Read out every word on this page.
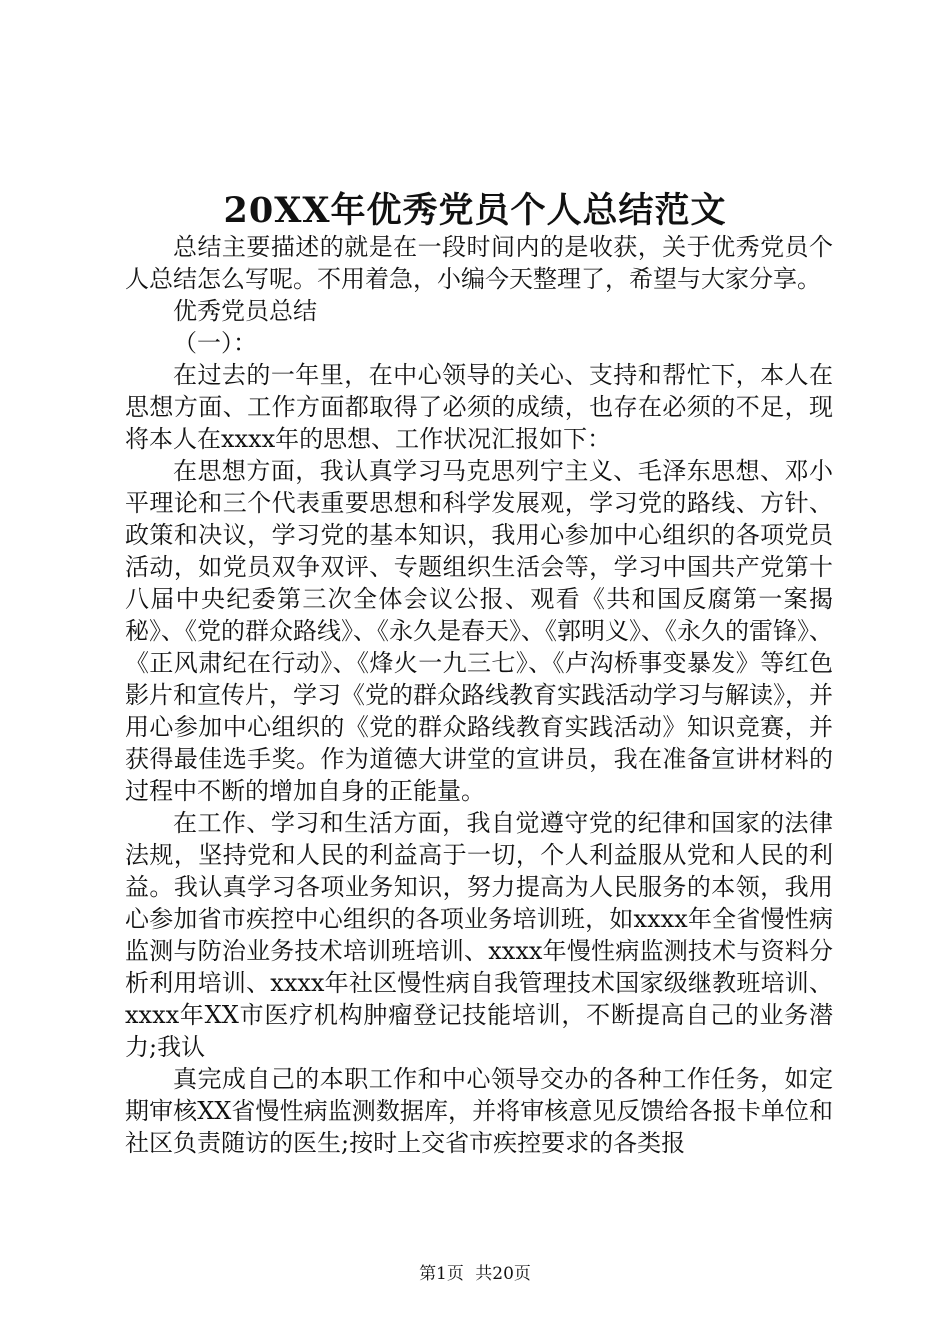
20XX年优秀党员个人总结范文

总结主要描述的就是在一段时间内的是收获，关于优秀党员个人总结怎么写呢。不用着急，小编今天整理了，希望与大家分享。

优秀党员总结

（一）：

在过去的一年里，在中心领导的关心、支持和帮忙下，本人在思想方面、工作方面都取得了必须的成绩，也存在必须的不足，现将本人在xxxx年的思想、工作状况汇报如下：

在思想方面，我认真学习马克思列宁主义、毛泽东思想、邓小平理论和三个代表重要思想和科学发展观，学习党的路线、方针、政策和决议，学习党的基本知识，我用心参加中心组织的各项党员活动，如党员双争双评、专题组织生活会等，学习中国共产党第十八届中央纪委第三次全体会议公报、观看《共和国反腐第一案揭秘》、《党的群众路线》、《永久是春天》、《郭明义》、《永久的雷锋》、《正风肃纪在行动》、《烽火一九三七》、《卢沟桥事变暴发》等红色影片和宣传片，学习《党的群众路线教育实践活动学习与解读》，并用心参加中心组织的《党的群众路线教育实践活动》知识竞赛，并获得最佳选手奖。作为道德大讲堂的宣讲员，我在准备宣讲材料的过程中不断的增加自身的正能量。

在工作、学习和生活方面，我自觉遵守党的纪律和国家的法律法规，坚持党和人民的利益高于一切，个人利益服从党和人民的利益。我认真学习各项业务知识，努力提高为人民服务的本领，我用心参加省市疾控中心组织的各项业务培训班，如xxxx年全省慢性病监测与防治业务技术培训班培训、xxxx年慢性病监测技术与资料分析利用培训、xxxx年社区慢性病自我管理技术国家级继教班培训、xxxx年XX市医疗机构肿瘤登记技能培训，不断提高自己的业务潜力;我认

真完成自己的本职工作和中心领导交办的各种工作任务，如定期审核XX省慢性病监测数据库，并将审核意见反馈给各报卡单位和社区负责随访的医生;按时上交省市疾控要求的各类报

第1页 共20页
